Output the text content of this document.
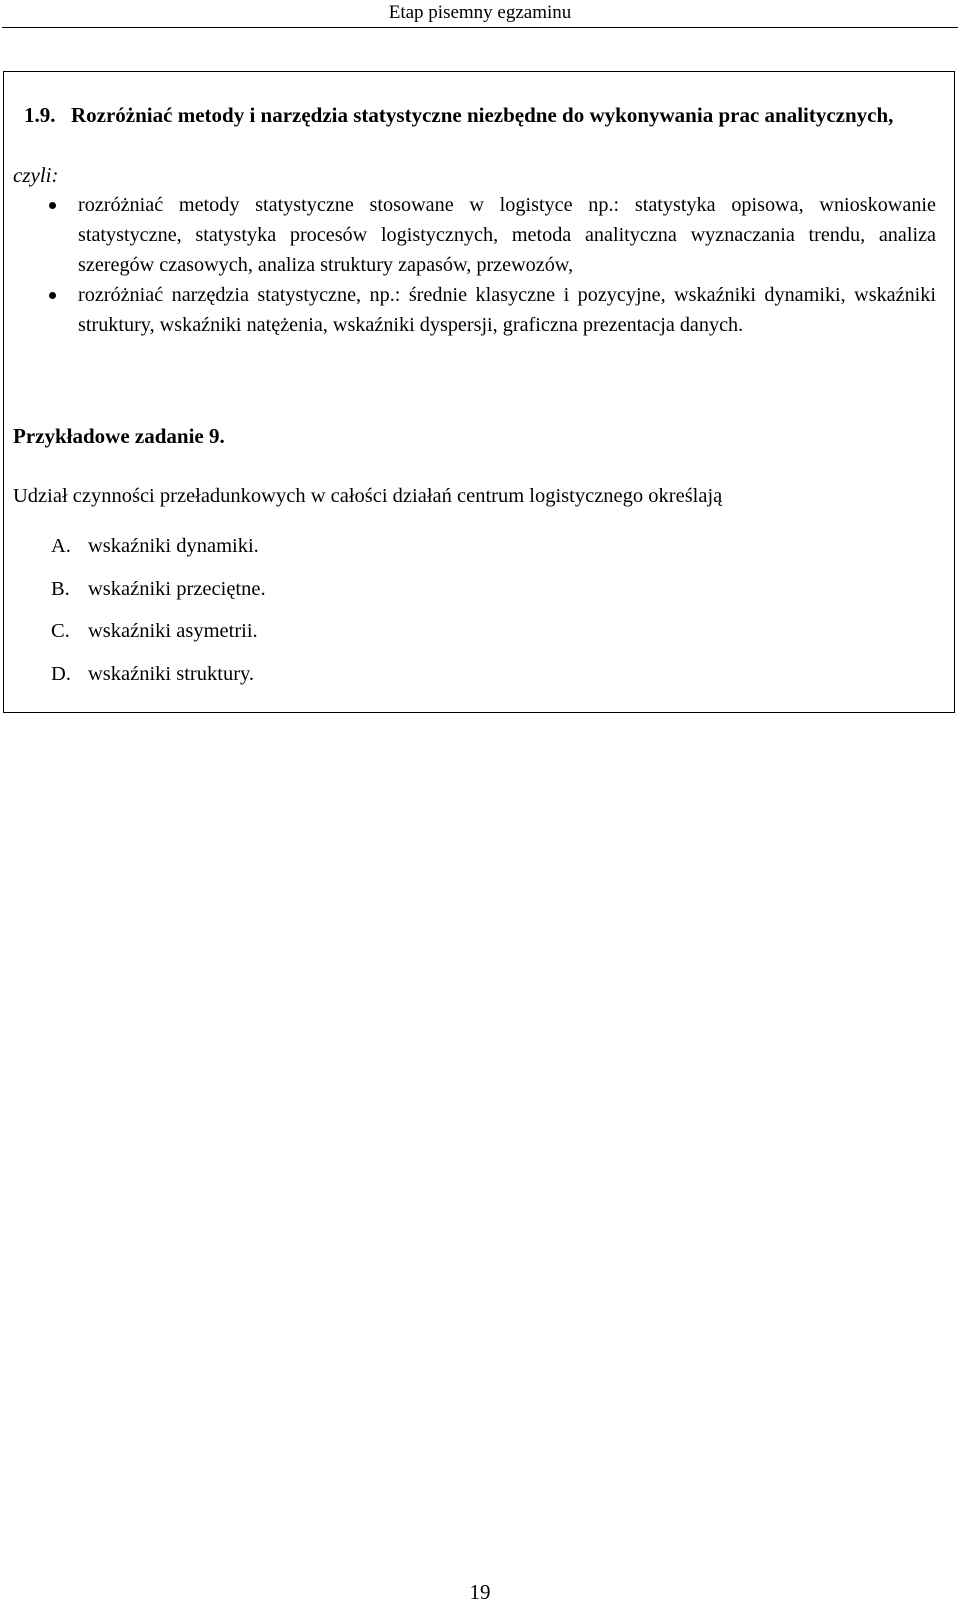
Etap pisemny egzaminu
1.9. Rozróżniać metody i narzędzia statystyczne niezbędne do wykonywania prac analitycznych,
czyli:
rozróżniać metody statystyczne stosowane w logistyce np.: statystyka opisowa, wnioskowanie statystyczne, statystyka procesów logistycznych, metoda analityczna wyznaczania trendu, analiza szeregów czasowych, analiza struktury zapasów, przewozów,
rozróżniać narzędzia statystyczne, np.: średnie klasyczne i pozycyjne, wskaźniki dynamiki, wskaźniki struktury, wskaźniki natężenia, wskaźniki dyspersji, graficzna prezentacja danych.
Przykładowe zadanie 9.
Udział czynności przeładunkowych w całości działań centrum logistycznego określają
A. wskaźniki dynamiki.
B. wskaźniki przeciętne.
C. wskaźniki asymetrii.
D. wskaźniki struktury.
19
